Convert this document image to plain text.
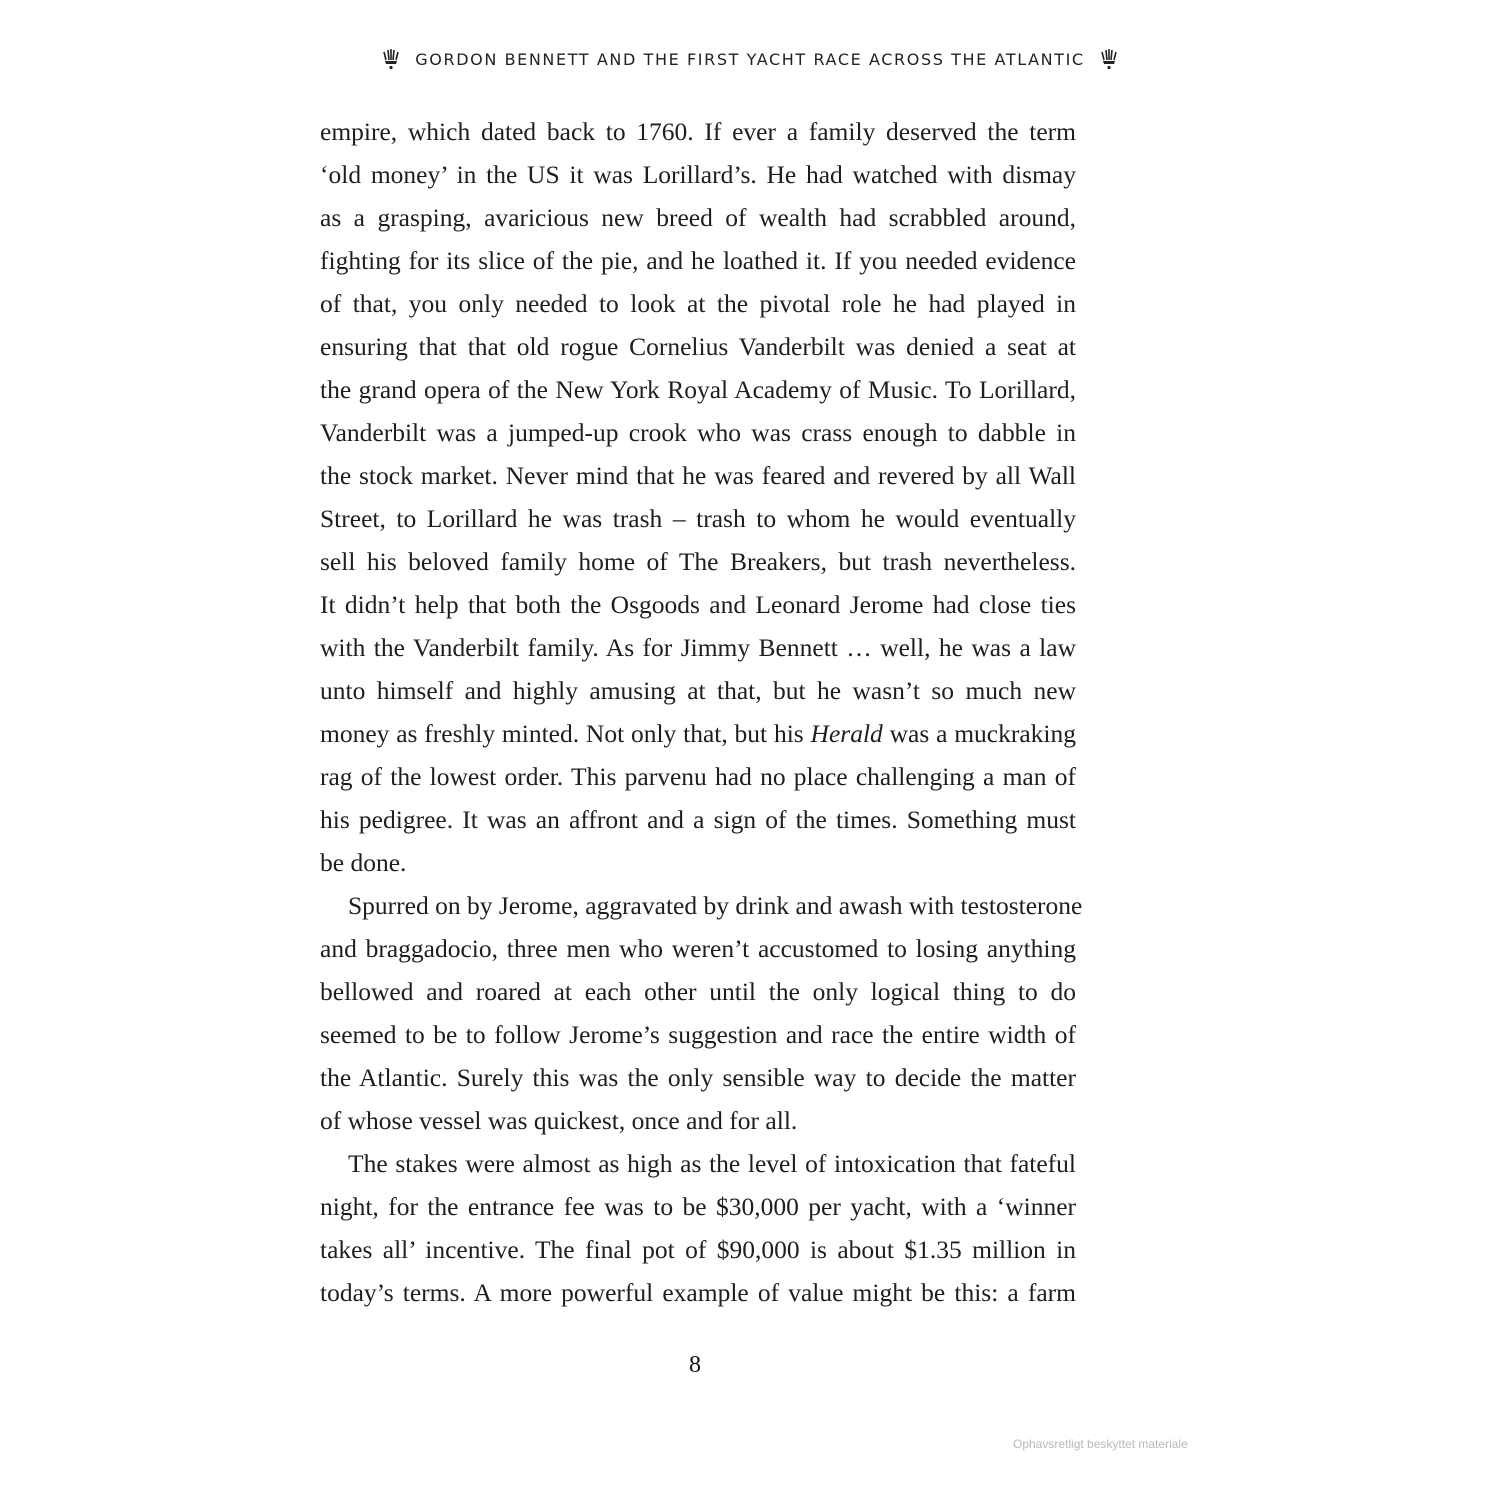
GORDON BENNETT AND THE FIRST YACHT RACE ACROSS THE ATLANTIC
empire, which dated back to 1760. If ever a family deserved the term
‘old money’ in the US it was Lorillard’s. He had watched with dismay
as a grasping, avaricious new breed of wealth had scrabbled around,
fighting for its slice of the pie, and he loathed it. If you needed evidence
of that, you only needed to look at the pivotal role he had played in
ensuring that that old rogue Cornelius Vanderbilt was denied a seat at
the grand opera of the New York Royal Academy of Music. To Lorillard,
Vanderbilt was a jumped-up crook who was crass enough to dabble in
the stock market. Never mind that he was feared and revered by all Wall
Street, to Lorillard he was trash – trash to whom he would eventually
sell his beloved family home of The Breakers, but trash nevertheless.
It didn’t help that both the Osgoods and Leonard Jerome had close ties
with the Vanderbilt family. As for Jimmy Bennett … well, he was a law
unto himself and highly amusing at that, but he wasn’t so much new
money as freshly minted. Not only that, but his Herald was a muckraking
rag of the lowest order. This parvenu had no place challenging a man of
his pedigree. It was an affront and a sign of the times. Something must
be done.
Spurred on by Jerome, aggravated by drink and awash with testosterone
and braggadocio, three men who weren’t accustomed to losing anything
bellowed and roared at each other until the only logical thing to do
seemed to be to follow Jerome’s suggestion and race the entire width of
the Atlantic. Surely this was the only sensible way to decide the matter
of whose vessel was quickest, once and for all.
The stakes were almost as high as the level of intoxication that fateful
night, for the entrance fee was to be $30,000 per yacht, with a ‘winner
takes all’ incentive. The final pot of $90,000 is about $1.35 million in
today’s terms. A more powerful example of value might be this: a farm
8
Ophavsretligt beskyttet materiale
